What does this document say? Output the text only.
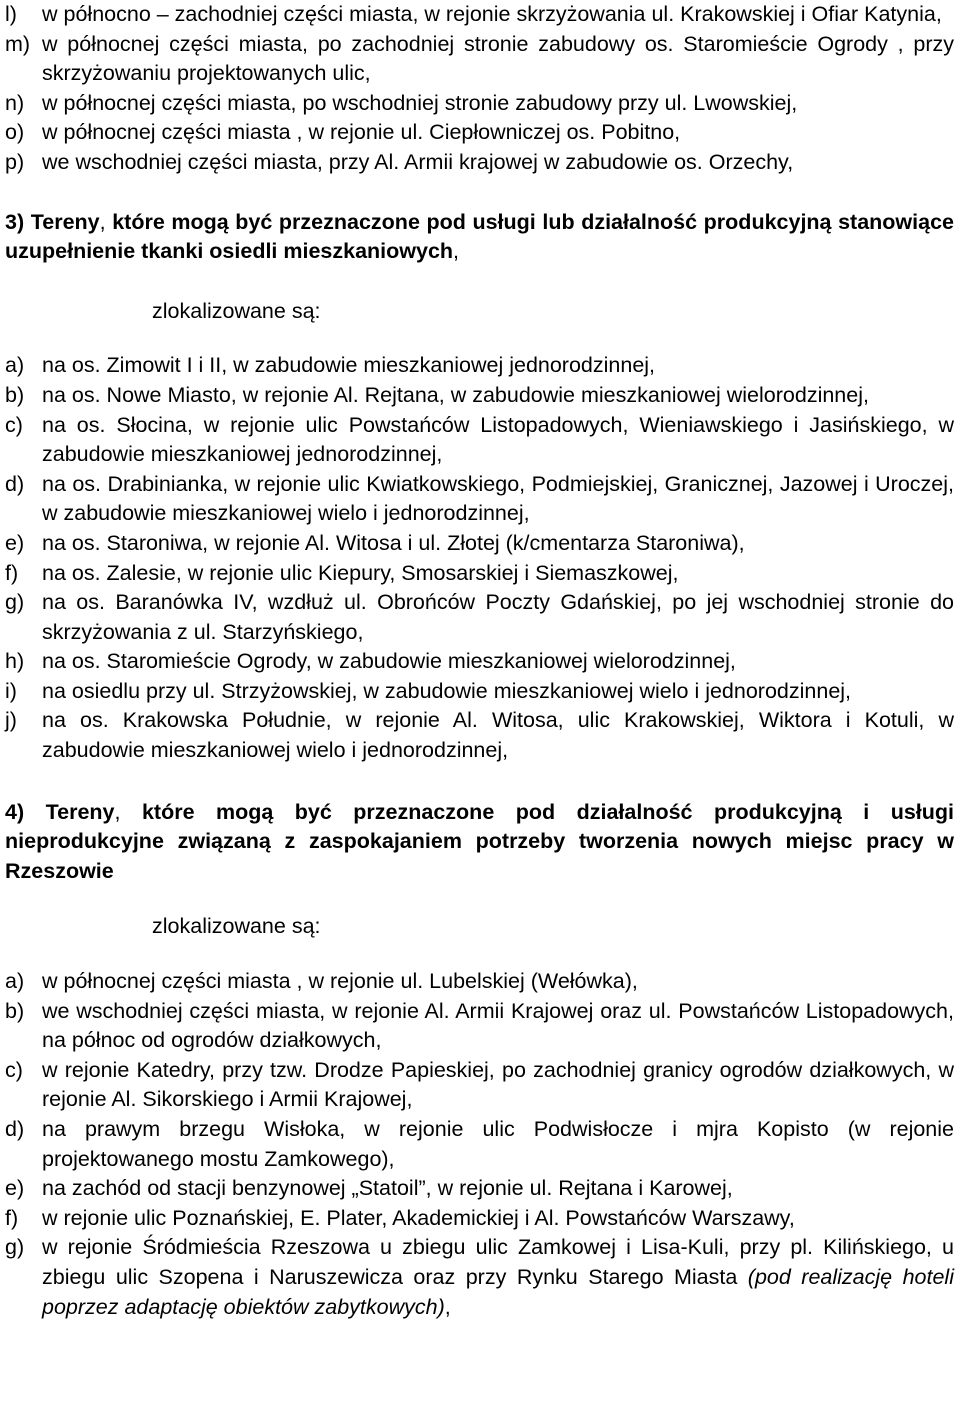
l)	w północno – zachodniej części miasta, w rejonie skrzyżowania ul. Krakowskiej i Ofiar Katynia,
m) w północnej części miasta, po zachodniej stronie zabudowy os. Staromieście Ogrody , przy skrzyżowaniu projektowanych ulic,
n) w północnej części miasta, po wschodniej stronie zabudowy przy ul. Lwowskiej,
o) w północnej części miasta , w rejonie ul. Ciepłowniczej os. Pobitno,
p) we wschodniej części miasta, przy Al. Armii krajowej w zabudowie os. Orzechy,

3) Tereny, które mogą być przeznaczone pod usługi lub działalność produkcyjną stanowiące uzupełnienie tkanki osiedli mieszkaniowych,

zlokalizowane są:

a) na os. Zimowit I i II, w zabudowie mieszkaniowej jednorodzinnej,
b) na os. Nowe Miasto, w rejonie Al. Rejtana, w zabudowie mieszkaniowej wielorodzinnej,
c) na os. Słocina, w rejonie ulic Powstańców Listopadowych, Wieniawskiego i Jasińskiego, w zabudowie mieszkaniowej jednorodzinnej,
d) na os. Drabinianka, w rejonie ulic Kwiatkowskiego, Podmiejskiej, Granicznej, Jazowej i Uroczej, w zabudowie mieszkaniowej wielo i jednorodzinnej,
e) na os. Staroniwa, w rejonie Al. Witosa i ul. Złotej (k/cmentarza Staroniwa),
f)	na os. Zalesie, w rejonie ulic Kiepury, Smosarskiej i Siemaszkowej,
g) na os. Baranówka IV, wzdłuż ul. Obrońców Poczty Gdańskiej, po jej wschodniej stronie do skrzyżowania z ul. Starzyńskiego,
h) na os. Staromieście Ogrody, w zabudowie mieszkaniowej wielorodzinnej,
i)	na osiedlu przy ul. Strzyżowskiej, w zabudowie mieszkaniowej wielo i jednorodzinnej,
j)	na os. Krakowska Południe, w rejonie Al. Witosa, ulic Krakowskiej, Wiktora i Kotuli, w zabudowie mieszkaniowej wielo i jednorodzinnej,

4) Tereny, które mogą być przeznaczone pod działalność produkcyjną i usługi nieprodukcyjne związaną z zaspokajaniem potrzeby tworzenia nowych miejsc pracy w Rzeszowie

zlokalizowane są:

a) w północnej części miasta , w rejonie ul. Lubelskiej (Wełówka),
b) we wschodniej części miasta, w rejonie Al. Armii Krajowej oraz ul. Powstańców Listopadowych, na północ od ogrodów działkowych,
c) w rejonie Katedry, przy tzw. Drodze Papieskiej, po zachodniej granicy ogrodów działkowych, w rejonie Al. Sikorskiego i Armii Krajowej,
d) na prawym brzegu Wisłoka, w rejonie ulic Podwisłocze i mjra Kopisto (w rejonie projektowanego mostu Zamkowego),
e) na zachód od stacji benzynowej „Statoil”, w rejonie ul. Rejtana i Karowej,
f)	w rejonie ulic Poznańskiej, E. Plater, Akademickiej i Al. Powstańców Warszawy,
g) w rejonie Śródmieścia Rzeszowa u zbiegu ulic Zamkowej i Lisa-Kuli, przy pl. Kilińskiego, u zbiegu ulic Szopena i Naruszewicza oraz przy Rynku Starego Miasta (pod realizację hoteli poprzez adaptację obiektów zabytkowych),
